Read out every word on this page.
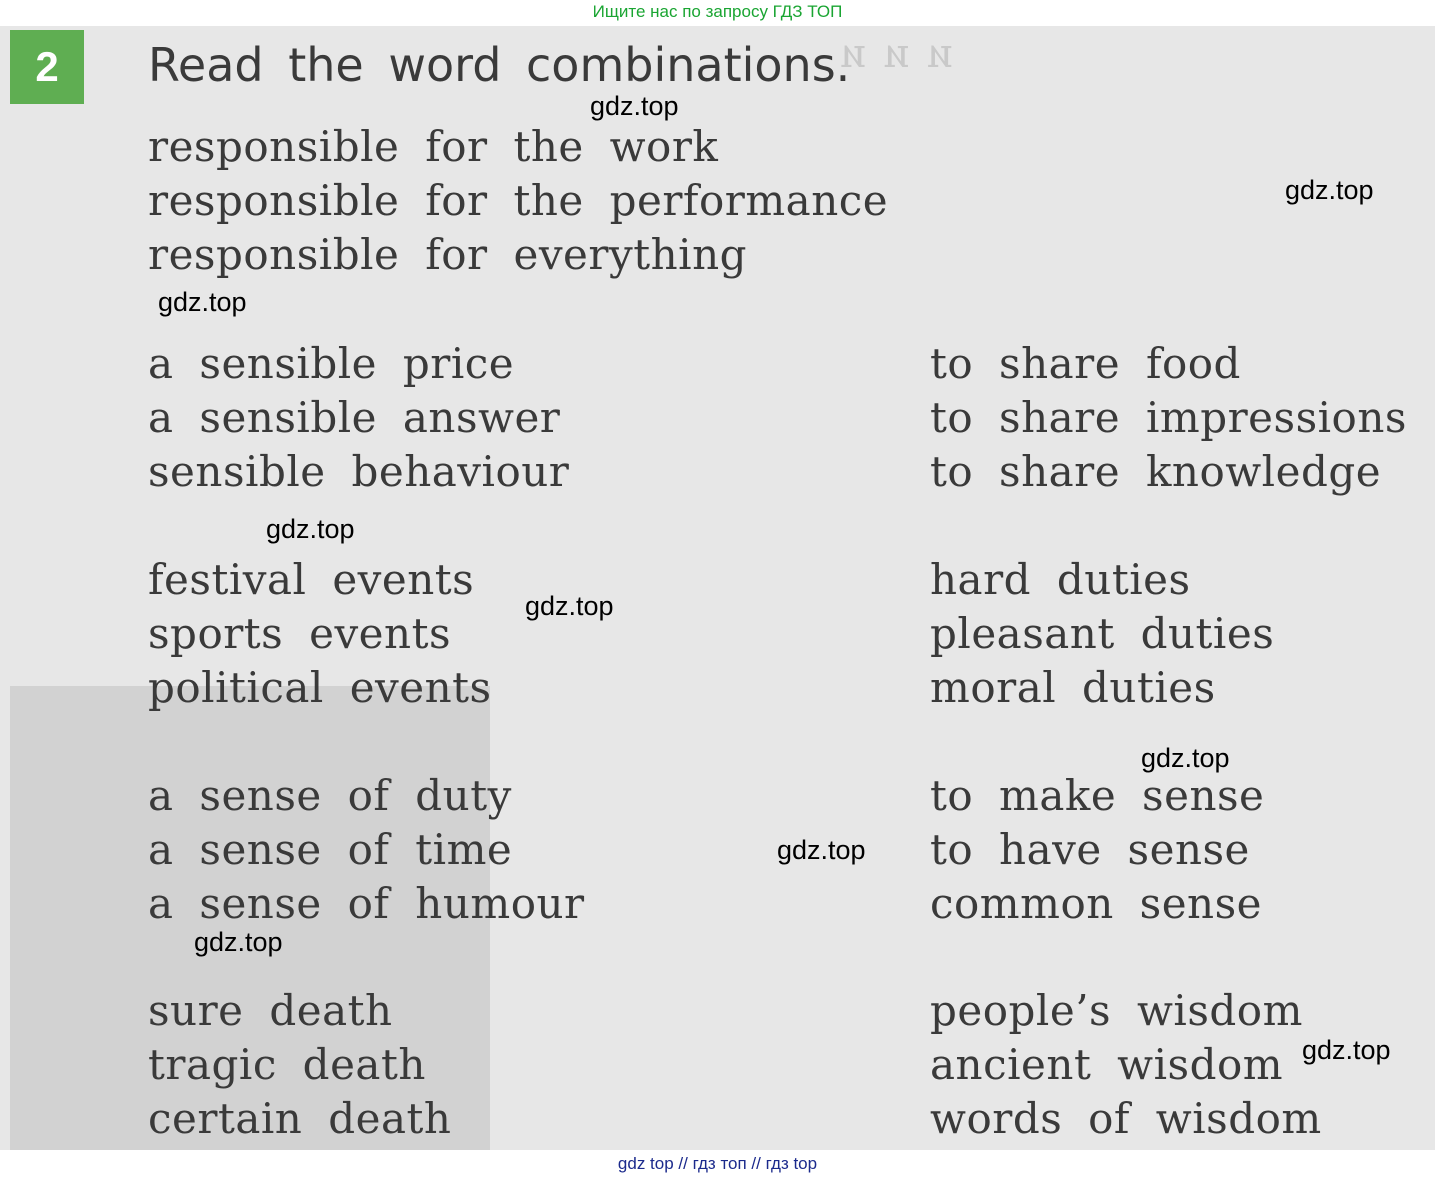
Ищите нас по запросу ГДЗ ТОП
ᴎ ᴎ ᴎ
2	Read the word combinations.
responsible for the work
responsible for the performance
responsible for everything
a sensible price
a sensible answer
sensible behaviour
to share food
to share impressions
to share knowledge
festival events
sports events
political events
hard duties
pleasant duties
moral duties
a sense of duty
a sense of time
a sense of humour
to make sense
to have sense
common sense
sure death
tragic death
certain death
people’s wisdom
ancient wisdom
words of wisdom
gdz.top
gdz.top
gdz.top
gdz.top
gdz.top
gdz.top
gdz.top
gdz.top
gdz.top
gdz top // гдз топ // гдз top
